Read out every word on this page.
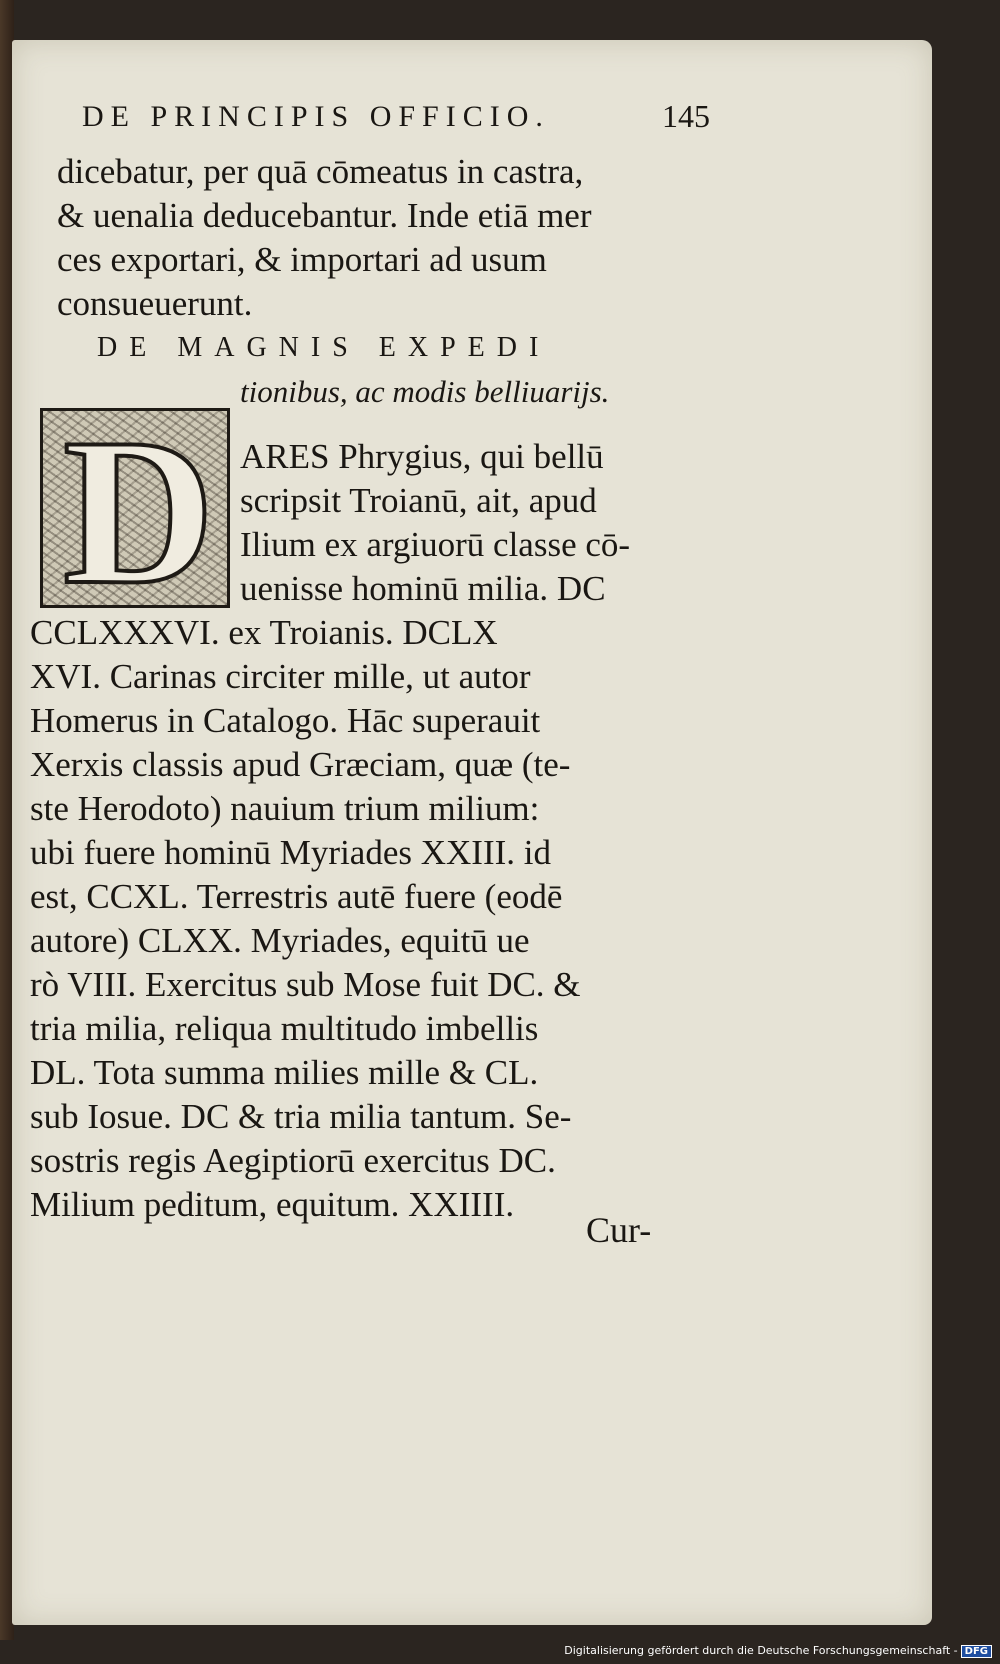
DE PRINCIPIS OFFICIO.	145
dicebatur, per quā cōmeatus in castra,
& uenalia deducebantur. Inde etiā mer
ces exportari, & importari ad usum
consueuerunt.
DE MAGNIS EXPEDI
tionibus, ac modis belliuarijs.
D ARES Phrygius, qui bellū
scripsit Troianū, ait, apud
Ilium ex argiuorū classe cō-
uenisse hominū milia. DC
CCLXXXVI. ex Troianis. DCLX
XVI. Carinas circiter mille, ut autor
Homerus in Catalogo. Hāc superauit
Xerxis classis apud Græciam, quæ (te-
ste Herodoto) nauium trium milium:
ubi fuere hominū Myriades XXIII. id
est, CCXL. Terrestris autē fuere (eodē
autore) CLXX. Myriades, equitū ue
rò VIII. Exercitus sub Mose fuit DC. &
tria milia, reliqua multitudo imbellis
DL. Tota summa milies mille & CL.
sub Iosue. DC & tria milia tantum. Se-
sostris regis Aegiptiorū exercitus DC.
Milium peditum, equitum. XXIIII.
Cur-
Digitalisierung gefördert durch die Deutsche Forschungsgemeinschaft - DFG
